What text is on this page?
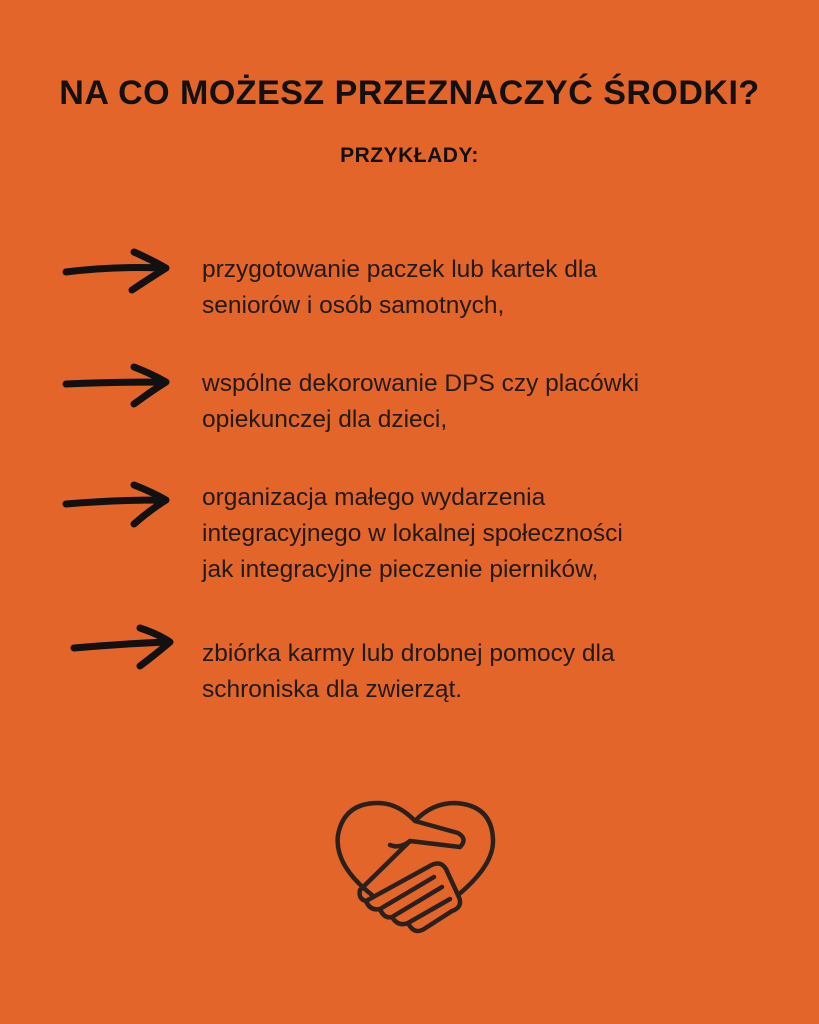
NA CO MOŻESZ PRZEZNACZYĆ ŚRODKI?
PRZYKŁADY:
przygotowanie paczek lub kartek dla
seniorów i osób samotnych,
wspólne dekorowanie DPS czy placówki
opiekunczej dla dzieci,
organizacja małego wydarzenia
integracyjnego w lokalnej społeczności
jak integracyjne pieczenie pierników,
zbiórka karmy lub drobnej pomocy dla
schroniska dla zwierząt.
